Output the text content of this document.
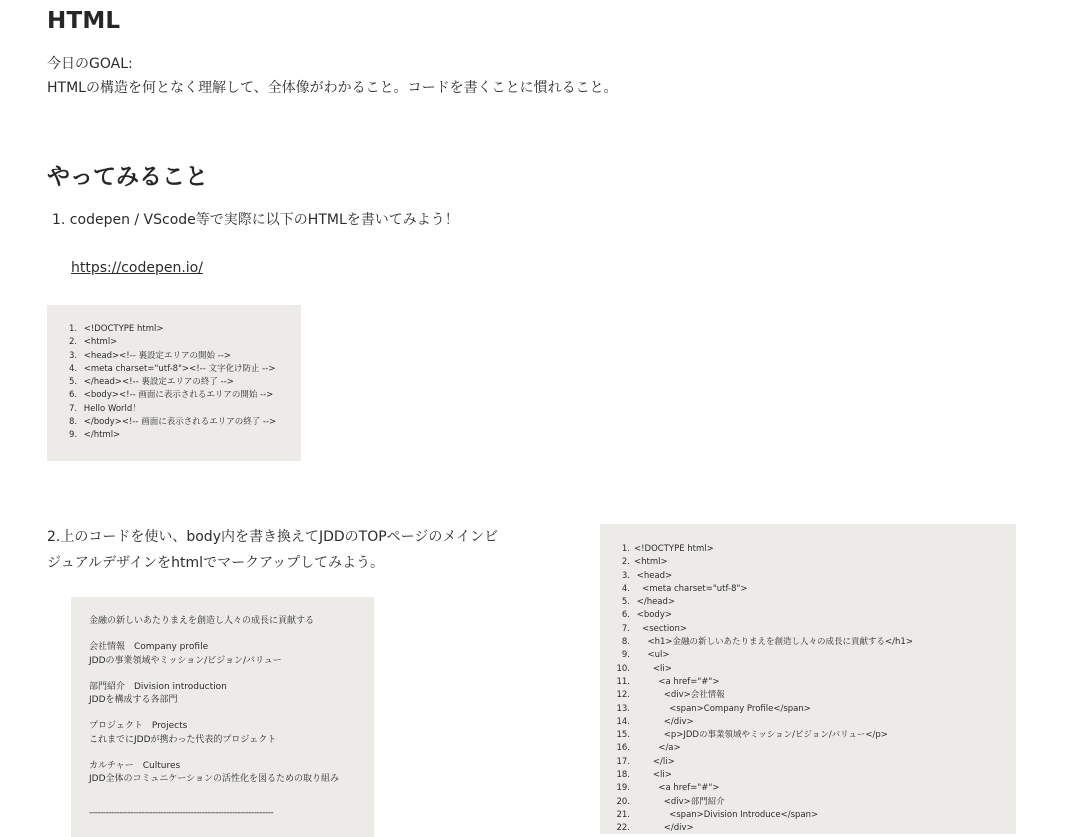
HTML
今日のGOAL:
HTMLの構造を何となく理解して、全体像がわかること。コードを書くことに慣れること。
やってみること
1. codepen / VScode等で実際に以下のHTMLを書いてみよう！
https://codepen.io/
1. <!DOCTYPE html>
2. <html>
3. <head><!-- 裏設定エリアの開始 -->
4. <meta charset="utf-8"><!-- 文字化け防止 -->
5. </head><!-- 裏設定エリアの終了 -->
6. <body><!-- 画面に表示されるエリアの開始 -->
7. Hello World！
8. </body><!-- 画面に表示されるエリアの終了 -->
9. </html>
2.上のコードを使い、body内を書き換えてJDDのTOPページのメインビ
ジュアルデザインをhtmlでマークアップしてみよう。
金融の新しいあたりまえを創造し人々の成長に貢献する
会社情報　Company profile
JDDの事業領域やミッション/ビジョン/バリュー
部門紹介　Division introduction
JDDを構成する各部門
プロジェクト　Projects
これまでにJDDが携わった代表的プロジェクト
カルチャー　Cultures
JDD全体のコミュニケーションの活性化を図るための取り組み
-------------------------------------------------------------------
1. <!DOCTYPE html>
2. <html>
3. <head>
4. <meta charset="utf-8">
5. </head>
6. <body>
7. <section>
8. <h1>金融の新しいあたりまえを創造し人々の成長に貢献する</h1>
9. <ul>
10. <li>
11. <a href="#">
12. <div>会社情報
13. <span>Company Profile</span>
14. </div>
15. <p>JDDの事業領域やミッション/ビジョン/バリュー</p>
16. </a>
17. </li>
18. <li>
19. <a href="#">
20. <div>部門紹介
21. <span>Division Introduce</span>
22. </div>
